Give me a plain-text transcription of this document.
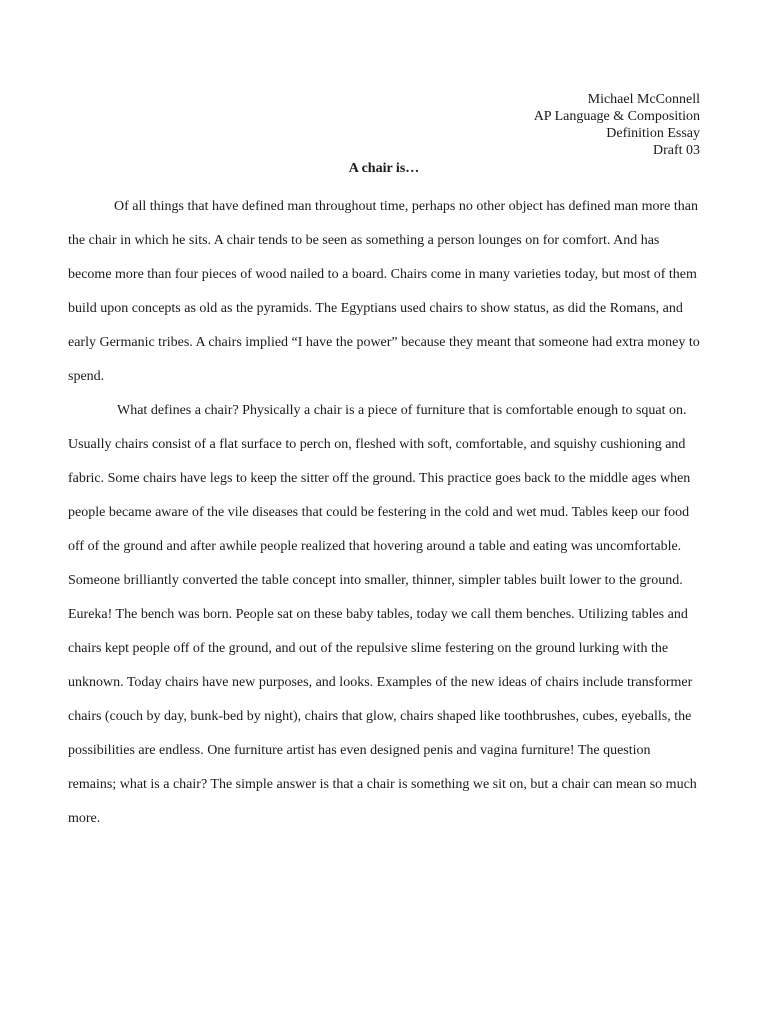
Michael McConnell
AP Language & Composition
Definition Essay
Draft 03
A chair is…

Of all things that have defined man throughout time, perhaps no other object has defined man more than the chair in which he sits. A chair tends to be seen as something a person lounges on for comfort. And has become more than four pieces of wood nailed to a board. Chairs come in many varieties today, but most of them build upon concepts as old as the pyramids. The Egyptians used chairs to show status, as did the Romans, and early Germanic tribes. A chairs implied “I have the power” because they meant that someone had extra money to spend.

What defines a chair? Physically a chair is a piece of furniture that is comfortable enough to squat on. Usually chairs consist of a flat surface to perch on, fleshed with soft, comfortable, and squishy cushioning and fabric. Some chairs have legs to keep the sitter off the ground. This practice goes back to the middle ages when people became aware of the vile diseases that could be festering in the cold and wet mud. Tables keep our food off of the ground and after awhile people realized that hovering around a table and eating was uncomfortable. Someone brilliantly converted the table concept into smaller, thinner, simpler tables built lower to the ground. Eureka! The bench was born. People sat on these baby tables, today we call them benches. Utilizing tables and chairs kept people off of the ground, and out of the repulsive slime festering on the ground lurking with the unknown. Today chairs have new purposes, and looks. Examples of the new ideas of chairs include transformer chairs (couch by day, bunk-bed by night), chairs that glow, chairs shaped like toothbrushes, cubes, eyeballs, the possibilities are endless. One furniture artist has even designed penis and vagina furniture! The question remains; what is a chair? The simple answer is that a chair is something we sit on, but a chair can mean so much more.
